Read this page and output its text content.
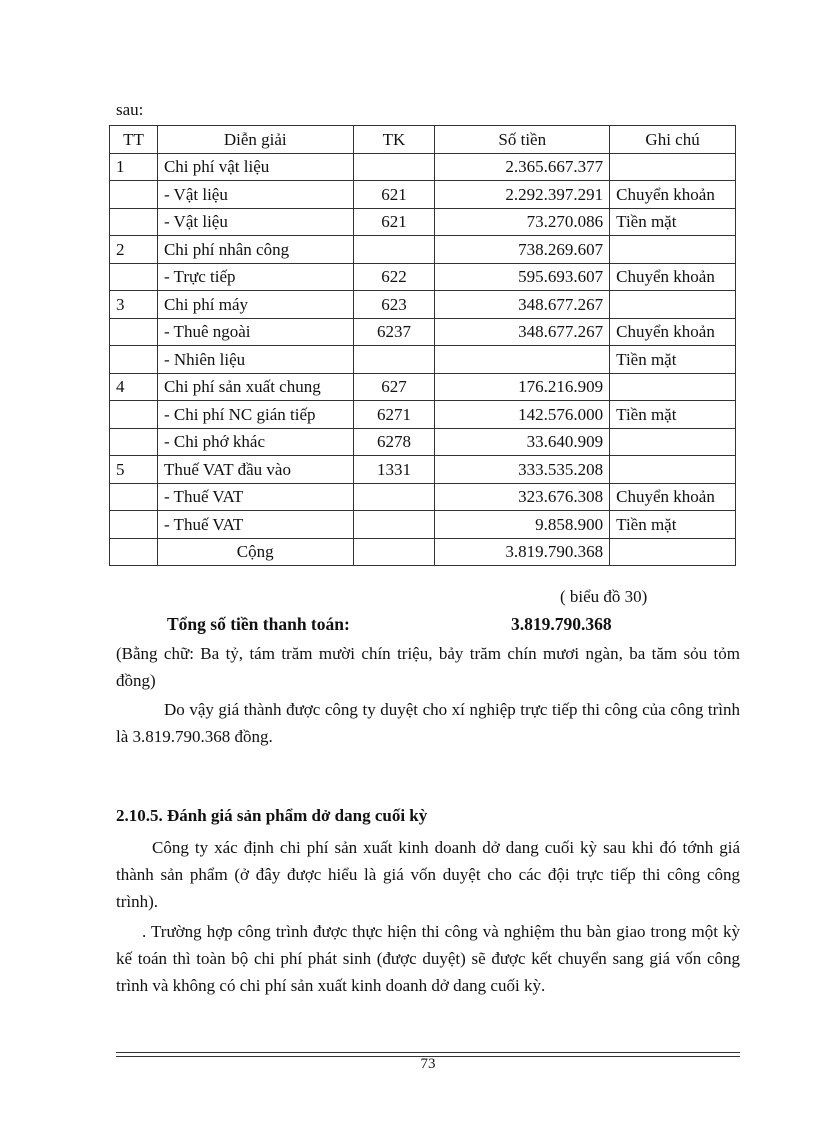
sau:
TT	Diễn giải	TK	Số tiền	Ghi chú
1	Chi phí vật liệu		2.365.667.377	
	- Vật liệu	621	2.292.397.291	Chuyển khoản
	- Vật liệu	621	73.270.086	Tiền mặt
2	Chi phí nhân công		738.269.607	
	- Trực tiếp	622	595.693.607	Chuyển khoản
3	Chi phí máy	623	348.677.267	
	- Thuê ngoài	6237	348.677.267	Chuyển khoản
	- Nhiên liệu			Tiền mặt
4	Chi phí sản xuất chung	627	176.216.909	
	- Chi phí NC gián tiếp	6271	142.576.000	Tiền mặt
	- Chi phớ khác	6278	33.640.909	
5	Thuế VAT đầu vào	1331	333.535.208	
	- Thuế VAT		323.676.308	Chuyển khoản
	- Thuế VAT		9.858.900	Tiền mặt
	Cộng		3.819.790.368	
( biểu đồ 30)
Tổng số tiền thanh toán:	3.819.790.368
(Bằng chữ: Ba tỷ, tám trăm mười chín triệu, bảy trăm chín mươi ngàn, ba tăm sỏu tỏm đồng)
Do vậy giá thành được công ty duyệt cho xí nghiệp trực tiếp thi công của công trình là 3.819.790.368 đồng.
2.10.5. Đánh giá sản phẩm dở dang cuối kỳ
Công ty xác định chi phí sản xuất kinh doanh dở dang cuối kỳ sau khi đó tớnh giá thành sản phẩm (ở đây được hiểu là giá vốn duyệt cho các đội trực tiếp thi công công trình).
. Trường hợp công trình được thực hiện thi công và nghiệm thu bàn giao trong một kỳ kế toán thì toàn bộ chi phí phát sinh (được duyệt) sẽ được kết chuyển sang giá vốn công trình và không có chi phí sản xuất kinh doanh dở dang cuối kỳ.
73
